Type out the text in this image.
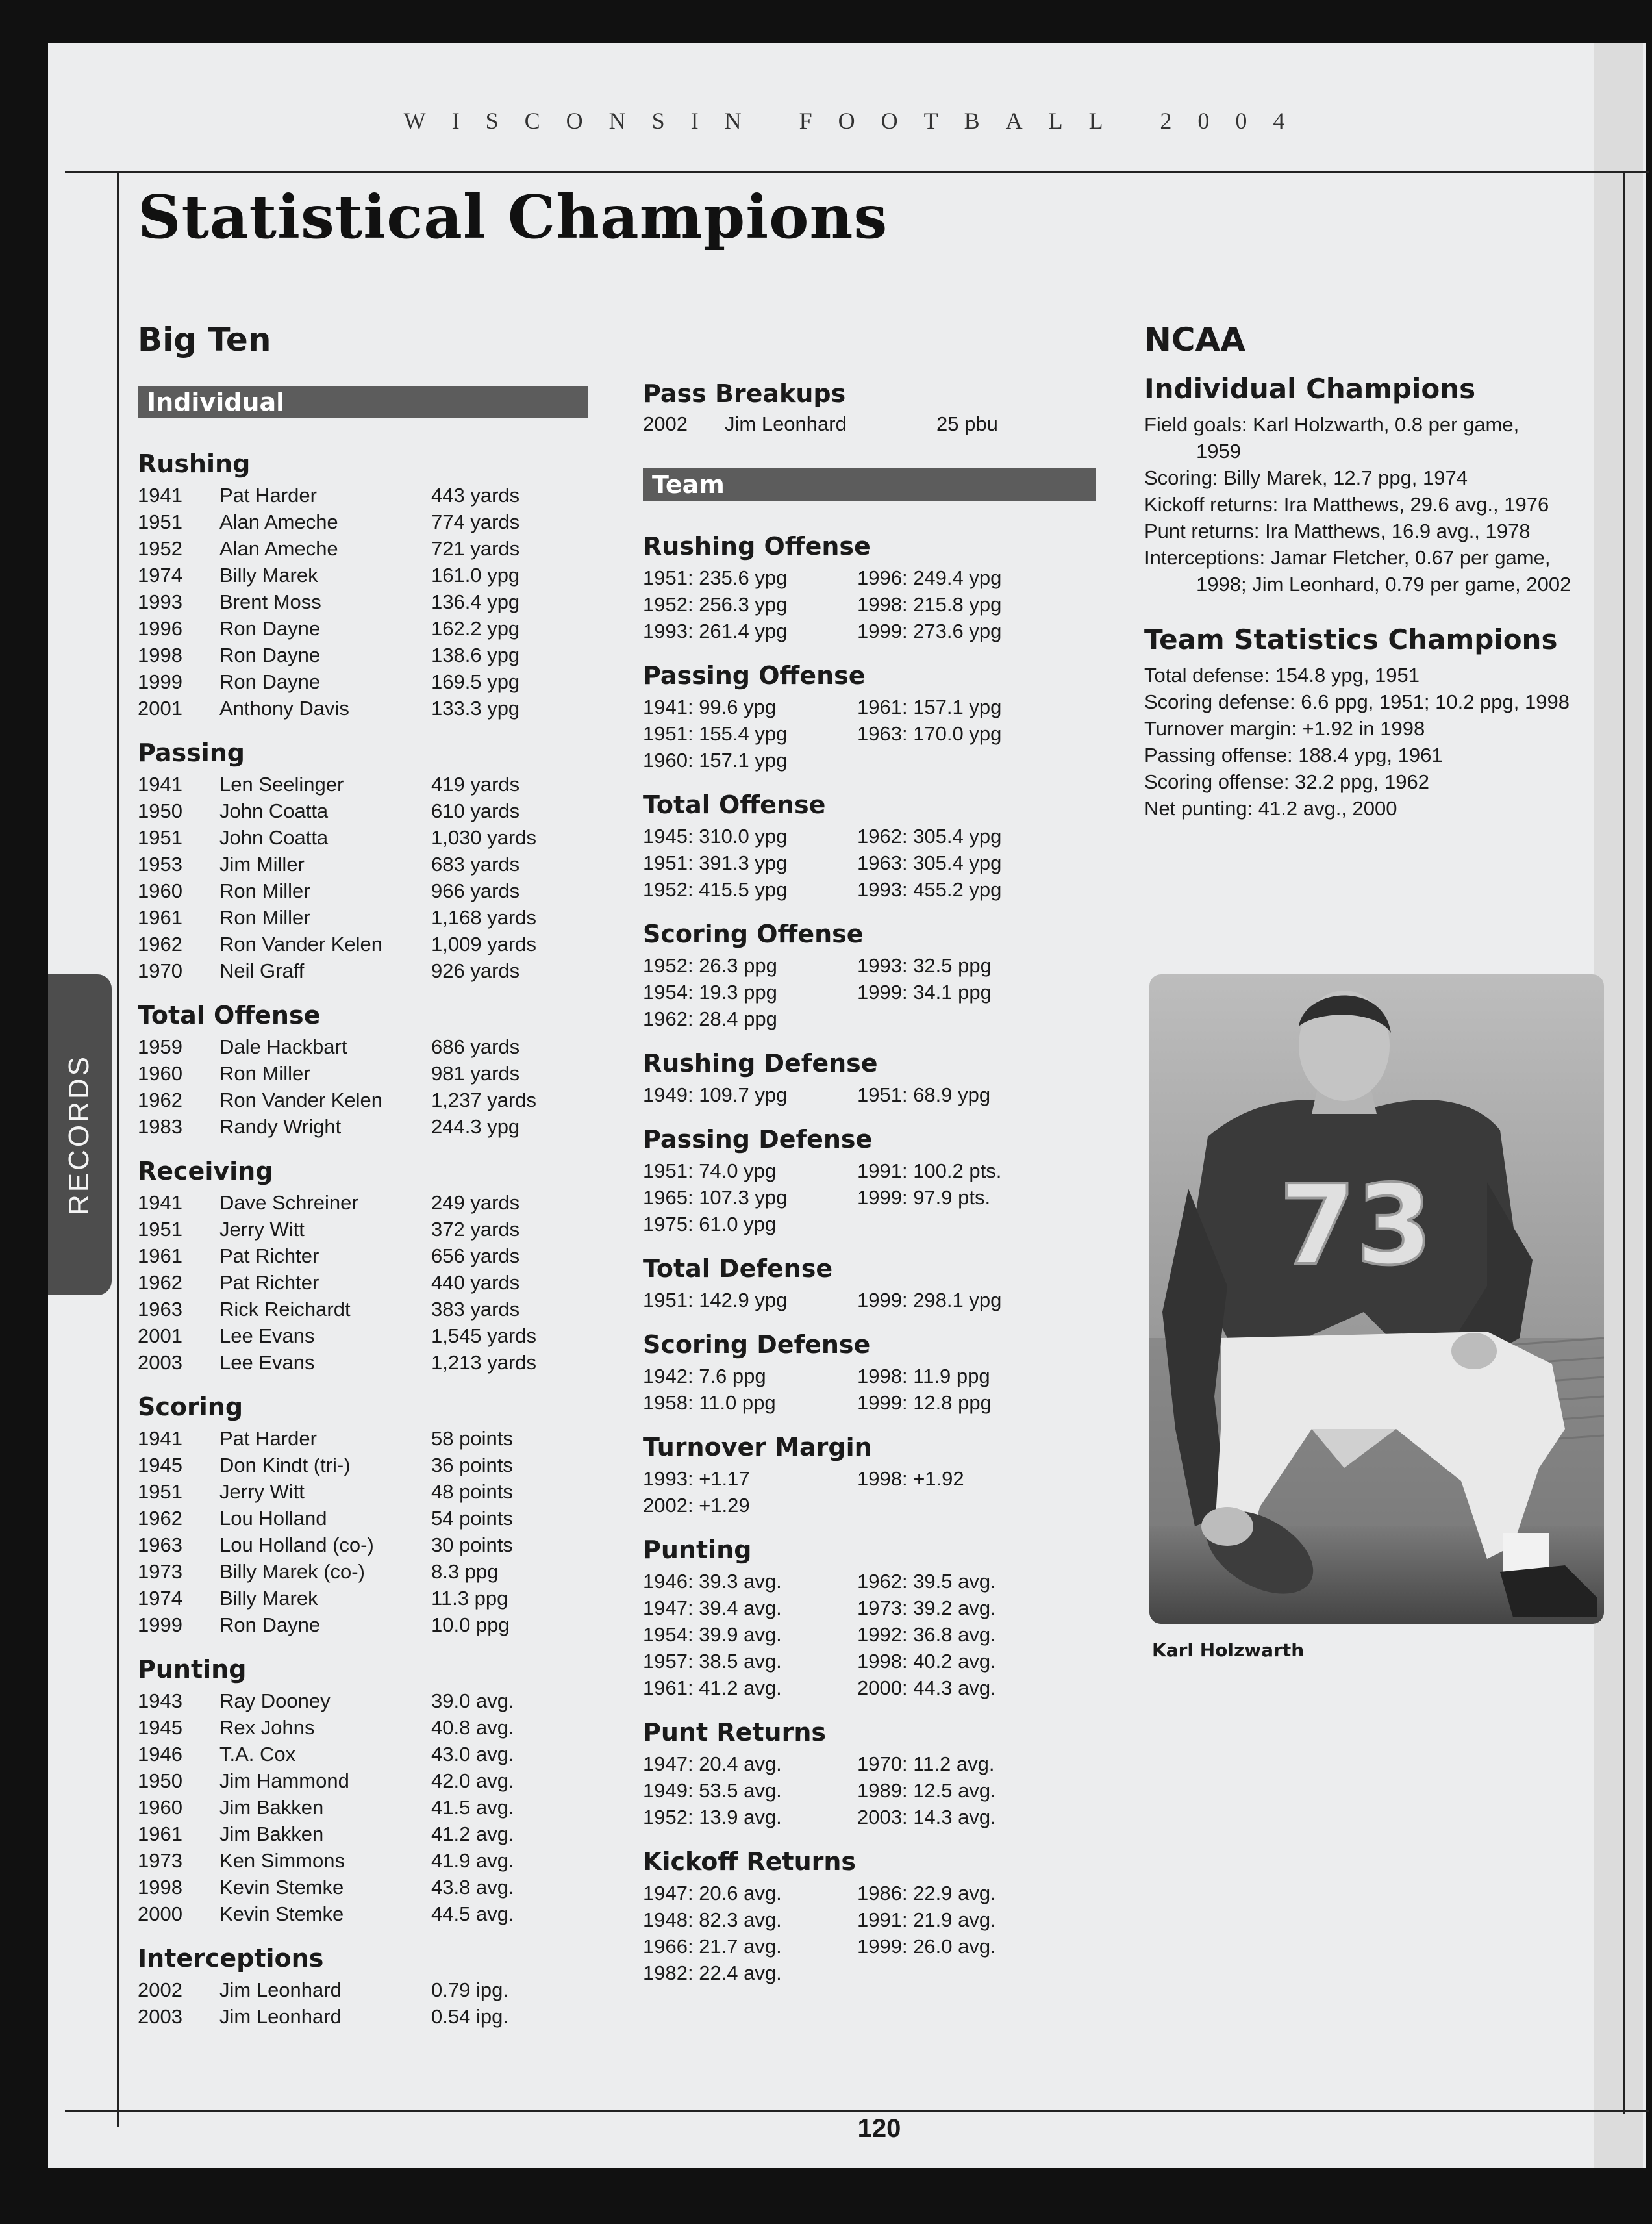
WISCONSIN FOOTBALL 2004
Statistical Champions
RECORDS
Big Ten
Individual
Rushing
1941	Pat Harder	443 yards
1951	Alan Ameche	774 yards
1952	Alan Ameche	721 yards
1974	Billy Marek	161.0 ypg
1993	Brent Moss	136.4 ypg
1996	Ron Dayne	162.2 ypg
1998	Ron Dayne	138.6 ypg
1999	Ron Dayne	169.5 ypg
2001	Anthony Davis	133.3 ypg
Passing
1941	Len Seelinger	419 yards
1950	John Coatta	610 yards
1951	John Coatta	1,030 yards
1953	Jim Miller	683 yards
1960	Ron Miller	966 yards
1961	Ron Miller	1,168 yards
1962	Ron Vander Kelen	1,009 yards
1970	Neil Graff	926 yards
Total Offense
1959	Dale Hackbart	686 yards
1960	Ron Miller	981 yards
1962	Ron Vander Kelen	1,237 yards
1983	Randy Wright	244.3 ypg
Receiving
1941	Dave Schreiner	249 yards
1951	Jerry Witt	372 yards
1961	Pat Richter	656 yards
1962	Pat Richter	440 yards
1963	Rick Reichardt	383 yards
2001	Lee Evans	1,545 yards
2003	Lee Evans	1,213 yards
Scoring
1941	Pat Harder	58 points
1945	Don Kindt (tri-)	36 points
1951	Jerry Witt	48 points
1962	Lou Holland	54 points
1963	Lou Holland (co-)	30 points
1973	Billy Marek (co-)	8.3 ppg
1974	Billy Marek	11.3 ppg
1999	Ron Dayne	10.0 ppg
Punting
1943	Ray Dooney	39.0 avg.
1945	Rex Johns	40.8 avg.
1946	T.A. Cox	43.0 avg.
1950	Jim Hammond	42.0 avg.
1960	Jim Bakken	41.5 avg.
1961	Jim Bakken	41.2 avg.
1973	Ken Simmons	41.9 avg.
1998	Kevin Stemke	43.8 avg.
2000	Kevin Stemke	44.5 avg.
Interceptions
2002	Jim Leonhard	0.79 ipg.
2003	Jim Leonhard	0.54 ipg.
Pass Breakups
2002	Jim Leonhard	25 pbu
Team
Rushing Offense
1951: 235.6 ypg	1996: 249.4 ypg
1952: 256.3 ypg	1998: 215.8 ypg
1993: 261.4 ypg	1999: 273.6 ypg
Passing Offense
1941: 99.6 ypg	1961: 157.1 ypg
1951: 155.4 ypg	1963: 170.0 ypg
1960: 157.1 ypg
Total Offense
1945: 310.0 ypg	1962: 305.4 ypg
1951: 391.3 ypg	1963: 305.4 ypg
1952: 415.5 ypg	1993: 455.2 ypg
Scoring Offense
1952: 26.3 ppg	1993: 32.5 ppg
1954: 19.3 ppg	1999: 34.1 ppg
1962: 28.4 ppg
Rushing Defense
1949: 109.7 ypg	1951: 68.9 ypg
Passing Defense
1951: 74.0 ypg	1991: 100.2 pts.
1965: 107.3 ypg	1999: 97.9 pts.
1975: 61.0 ypg
Total Defense
1951: 142.9 ypg	1999: 298.1 ypg
Scoring Defense
1942: 7.6 ppg	1998: 11.9 ppg
1958: 11.0 ppg	1999: 12.8 ppg
Turnover Margin
1993: +1.17	1998: +1.92
2002: +1.29
Punting
1946: 39.3 avg.	1962: 39.5 avg.
1947: 39.4 avg.	1973: 39.2 avg.
1954: 39.9 avg.	1992: 36.8 avg.
1957: 38.5 avg.	1998: 40.2 avg.
1961: 41.2 avg.	2000: 44.3 avg.
Punt Returns
1947: 20.4 avg.	1970: 11.2 avg.
1949: 53.5 avg.	1989: 12.5 avg.
1952: 13.9 avg.	2003: 14.3 avg.
Kickoff Returns
1947: 20.6 avg.	1986: 22.9 avg.
1948: 82.3 avg.	1991: 21.9 avg.
1966: 21.7 avg.	1999: 26.0 avg.
1982: 22.4 avg.
NCAA
Individual Champions
Field goals: Karl Holzwarth, 0.8 per game,
1959
Scoring: Billy Marek, 12.7 ppg, 1974
Kickoff returns: Ira Matthews, 29.6 avg., 1976
Punt returns: Ira Matthews, 16.9 avg., 1978
Interceptions: Jamar Fletcher, 0.67 per game,
1998; Jim Leonhard, 0.79 per game, 2002
Team Statistics Champions
Total defense: 154.8 ypg, 1951
Scoring defense: 6.6 ppg, 1951; 10.2 ppg, 1998
Turnover margin: +1.92 in 1998
Passing offense: 188.4 ypg, 1961
Scoring offense: 32.2 ppg, 1962
Net punting: 41.2 avg., 2000
73
Karl Holzwarth
120
